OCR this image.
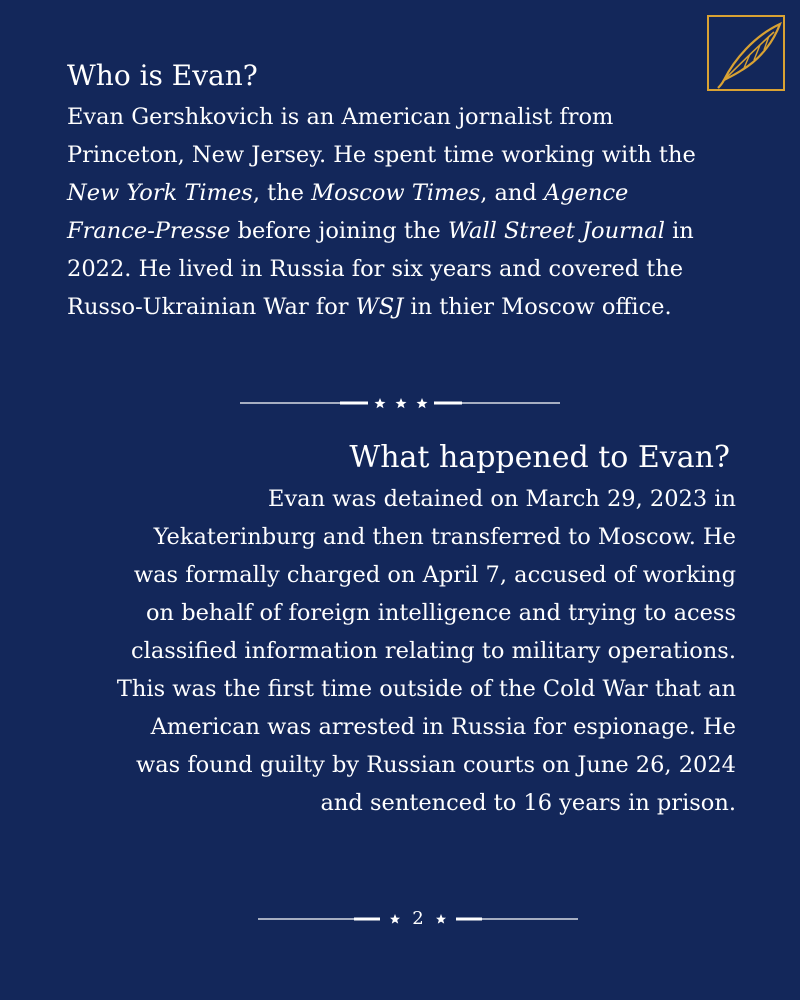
Who is Evan?

Evan Gershkovich is an American jornalist from Princeton, New Jersey. He spent time working with the New York Times, the Moscow Times, and Agence France-Presse before joining the Wall Street Journal in 2022. He lived in Russia for six years and covered the Russo-Ukrainian War for WSJ in thier Moscow office.

What happened to Evan?

Evan was detained on March 29, 2023 in Yekaterinburg and then transferred to Moscow. He was formally charged on April 7, accused of working on behalf of foreign intelligence and trying to acess classified information relating to military operations. This was the first time outside of the Cold War that an American was arrested in Russia for espionage. He was found guilty by Russian courts on June 26, 2024 and sentenced to 16 years in prison.

2
